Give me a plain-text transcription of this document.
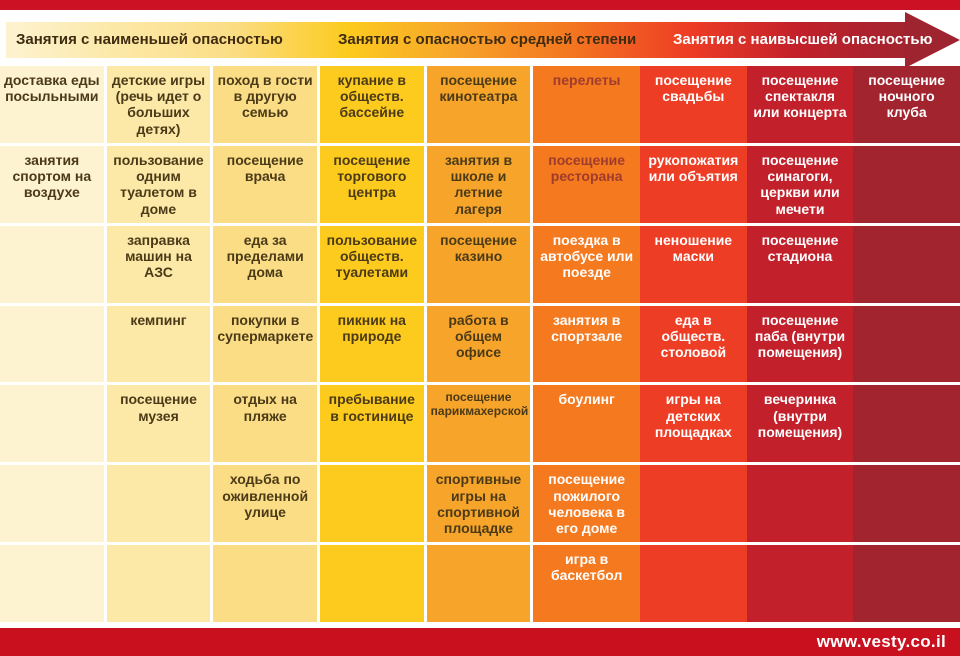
Занятия с наименьшей опасностью	Занятия с опасностью средней степени Занятия с наивысшей опасностью
доставка еды посыльными
занятия спортом на воздухе
детские игры (речь идет о больших детях)
пользование одним туалетом в доме
заправка машин на АЗС
кемпинг
посещение музея
поход в гости в другую семью
посещение врача
еда за пределами дома
покупки в супермаркете
отдых на пляже
ходьба по оживленной улице
купание в обществ. бассейне
посещение торгового центра
пользование обществ. туалетами
пикник на природе
пребывание в гостинице
посещение кинотеатра
занятия в школе и летние лагеря
посещение казино
работа в общем офисе
посещение парикмахерской
спортивные игры на спортивной площадке
перелеты
посещение ресторана
поездка в автобусе или поезде
занятия в спортзале
боулинг
посещение пожилого человека в его доме
игра в баскетбол
посещение свадьбы
рукопожатия или объятия
неношение маски
еда в обществ. столовой
игры на детских площадках
посещение спектакля или концерта
посещение синагоги, церкви или мечети
посещение стадиона
посещение паба (внутри помещения)
вечеринка (внутри помещения)
посещение ночного клуба
www.vesty.co.il
